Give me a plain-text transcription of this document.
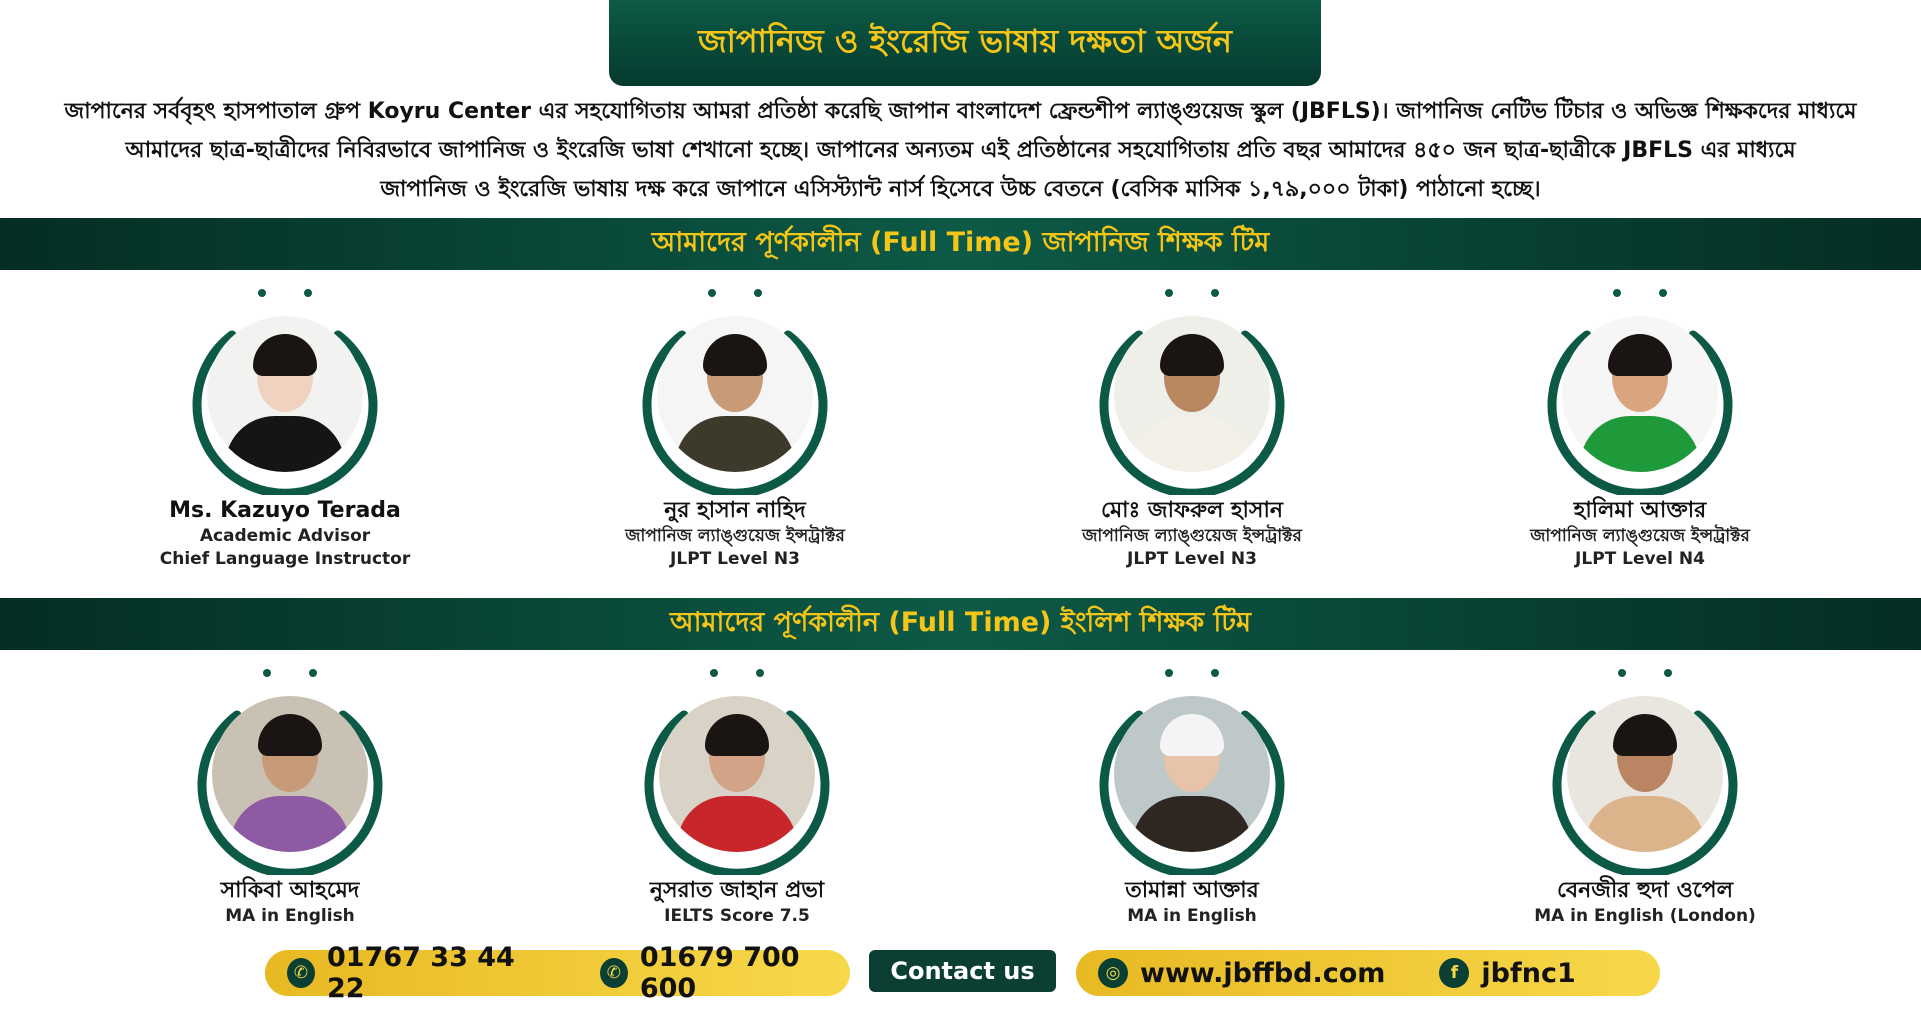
জাপানিজ ও ইংরেজি ভাষায় দক্ষতা অর্জন
জাপানের সর্ববৃহৎ হাসপাতাল গ্রুপ Koyru Center এর সহযোগিতায় আমরা প্রতিষ্ঠা করেছি জাপান বাংলাদেশ ফ্রেন্ডশীপ ল্যাঙ্গুয়েজ স্কুল (JBFLS)। জাপানিজ নেটিভ টিচার ও অভিজ্ঞ শিক্ষকদের মাধ্যমে
আমাদের ছাত্র-ছাত্রীদের নিবিরভাবে জাপানিজ ও ইংরেজি ভাষা শেখানো হচ্ছে। জাপানের অন্যতম এই প্রতিষ্ঠানের সহযোগিতায় প্রতি বছর আমাদের ৪৫০ জন ছাত্র-ছাত্রীকে JBFLS এর মাধ্যমে
জাপানিজ ও ইংরেজি ভাষায় দক্ষ করে জাপানে এসিস্ট্যান্ট নার্স হিসেবে উচ্চ বেতনে (বেসিক মাসিক ১,৭৯,০০০ টাকা) পাঠানো হচ্ছে।
আমাদের পূর্ণকালীন (Full Time) জাপানিজ শিক্ষক টিম
Ms. Kazuyo Terada
Academic Advisor
Chief Language Instructor
নুর হাসান নাহিদ
জাপানিজ ল্যাঙ্গুয়েজ ইন্সট্রাক্টর
JLPT Level N3
মোঃ জাফরুল হাসান
জাপানিজ ল্যাঙ্গুয়েজ ইন্সট্রাক্টর
JLPT Level N3
হালিমা আক্তার
জাপানিজ ল্যাঙ্গুয়েজ ইন্সট্রাক্টর
JLPT Level N4
আমাদের পূর্ণকালীন (Full Time) ইংলিশ শিক্ষক টিম
সাকিবা আহমেদ
MA in English
নুসরাত জাহান প্রভা
IELTS Score 7.5
তামান্না আক্তার
MA in English
বেনজীর হুদা ওপেল
MA in English (London)
✆ 01767 33 44 22	✆ 01679 700 600
Contact us	◎ www.jbffbd.com	f jbfnc1
